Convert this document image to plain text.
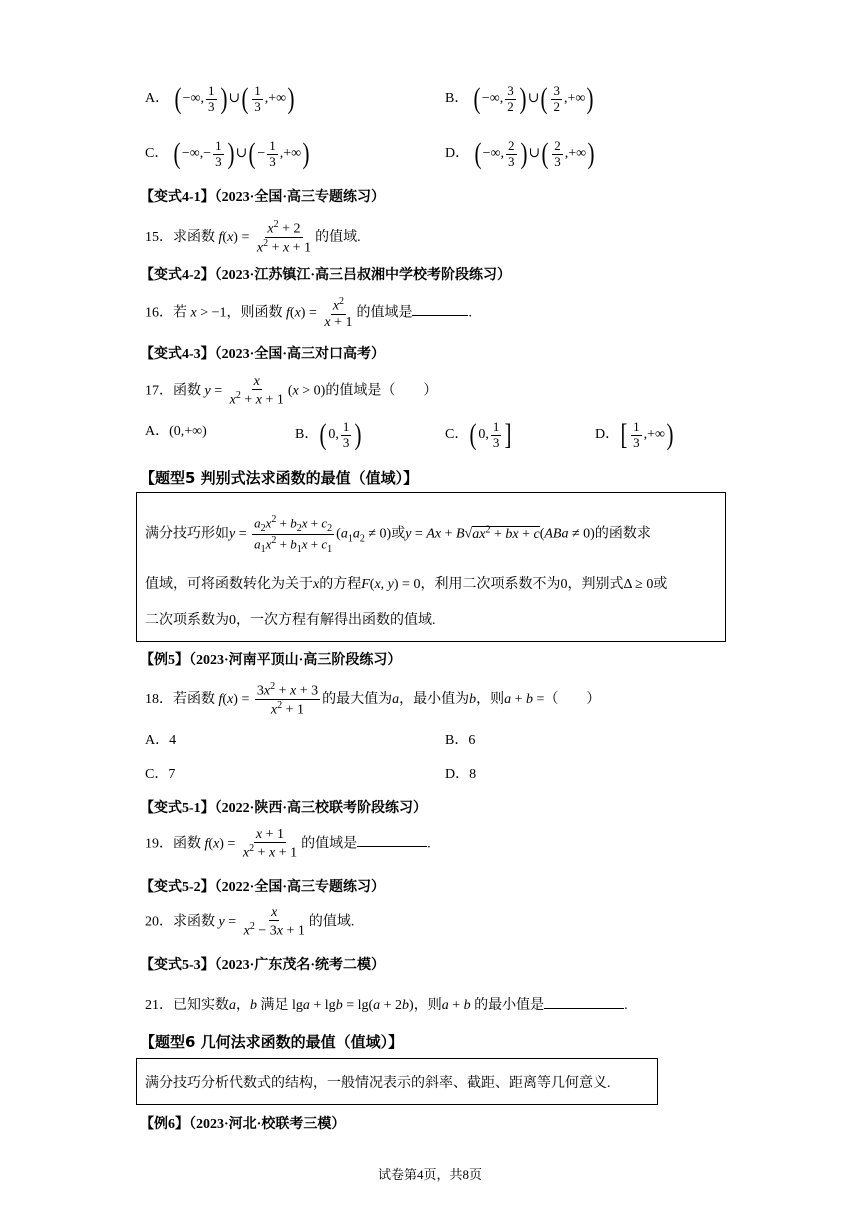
A． ( −∞, $\frac{1}{3}$ ) ∪( $\frac{1}{3}$ ,+∞)	B． ( −∞, $\frac{3}{2}$ ) ∪( $\frac{3}{2}$ ,+∞)
C． ( −∞,− $\frac{1}{3}$ ) ∪( − $\frac{1}{3}$ ,+∞)	D． ( −∞, $\frac{2}{3}$ ) ∪( $\frac{2}{3}$ ,+∞)
【变式4-1】（2023·全国·高三专题练习）
15．求函数 $f(x) = \frac{x^2 + 2}{x^2 + x + 1}$ 的值域.
【变式4-2】（2023·江苏镇江·高三吕叔湘中学校考阶段练习）
16．若 x > −1，则函数 $f(x) = \frac{x^2}{x + 1}$ 的值域是	.
【变式4-3】（2023·全国·高三对口高考）
17．函数 $y = \frac{x}{x^2 + x + 1} (x > 0)$的值域是（　　）
A．(0,+∞)	B．( 0, $\frac{1}{3}$ )	C．( 0, $\frac{1}{3}$ ]	D．[ $\frac{1}{3}$ ,+∞)
【题型5 判别式法求函数的最值（值域）】
满分技巧形如$y = \frac{a_2x^2 + b_2x + c_2}{a_1x^2 + b_1x + c_1} (a_1a_2 \ne 0)$或$y = Ax + B√ax^2$ + bx + c(ABa ≠ 0)的函数求
值域，可将函数转化为关于x的方程F(x, y) = 0，利用二次项系数不为0，判别式Δ ≥ 0或
二次项系数为0，一次方程有解得出函数的值域.
【例5】（2023·河南平顶山·高三阶段练习）
18．若函数 $f(x) = \frac{3x^2 + x + 3}{x^2 + 1}$ 的最大值为a，最小值为b，则a + b =（　　）
A．4	B．6
C．7	D．8
【变式5-1】（2022·陕西·高三校联考阶段练习）
19．函数 $f(x) = \frac{x + 1}{x^2 + x + 1}$ 的值域是	.
【变式5-2】（2022·全国·高三专题练习）
20．求函数 $y = \frac{x}{x^2 - 3x + 1}$ 的值域.
【变式5-3】（2023·广东茂名·统考二模）
21．已知实数a，b 满足 lga + lgb = lg(a + 2b)，则a + b 的最小值是	.
【题型6 几何法求函数的最值（值域）】
满分技巧分析代数式的结构，一般情况表示的斜率、截距、距离等几何意义.
【例6】（2023·河北·校联考三模）
试卷第4页，共8页
